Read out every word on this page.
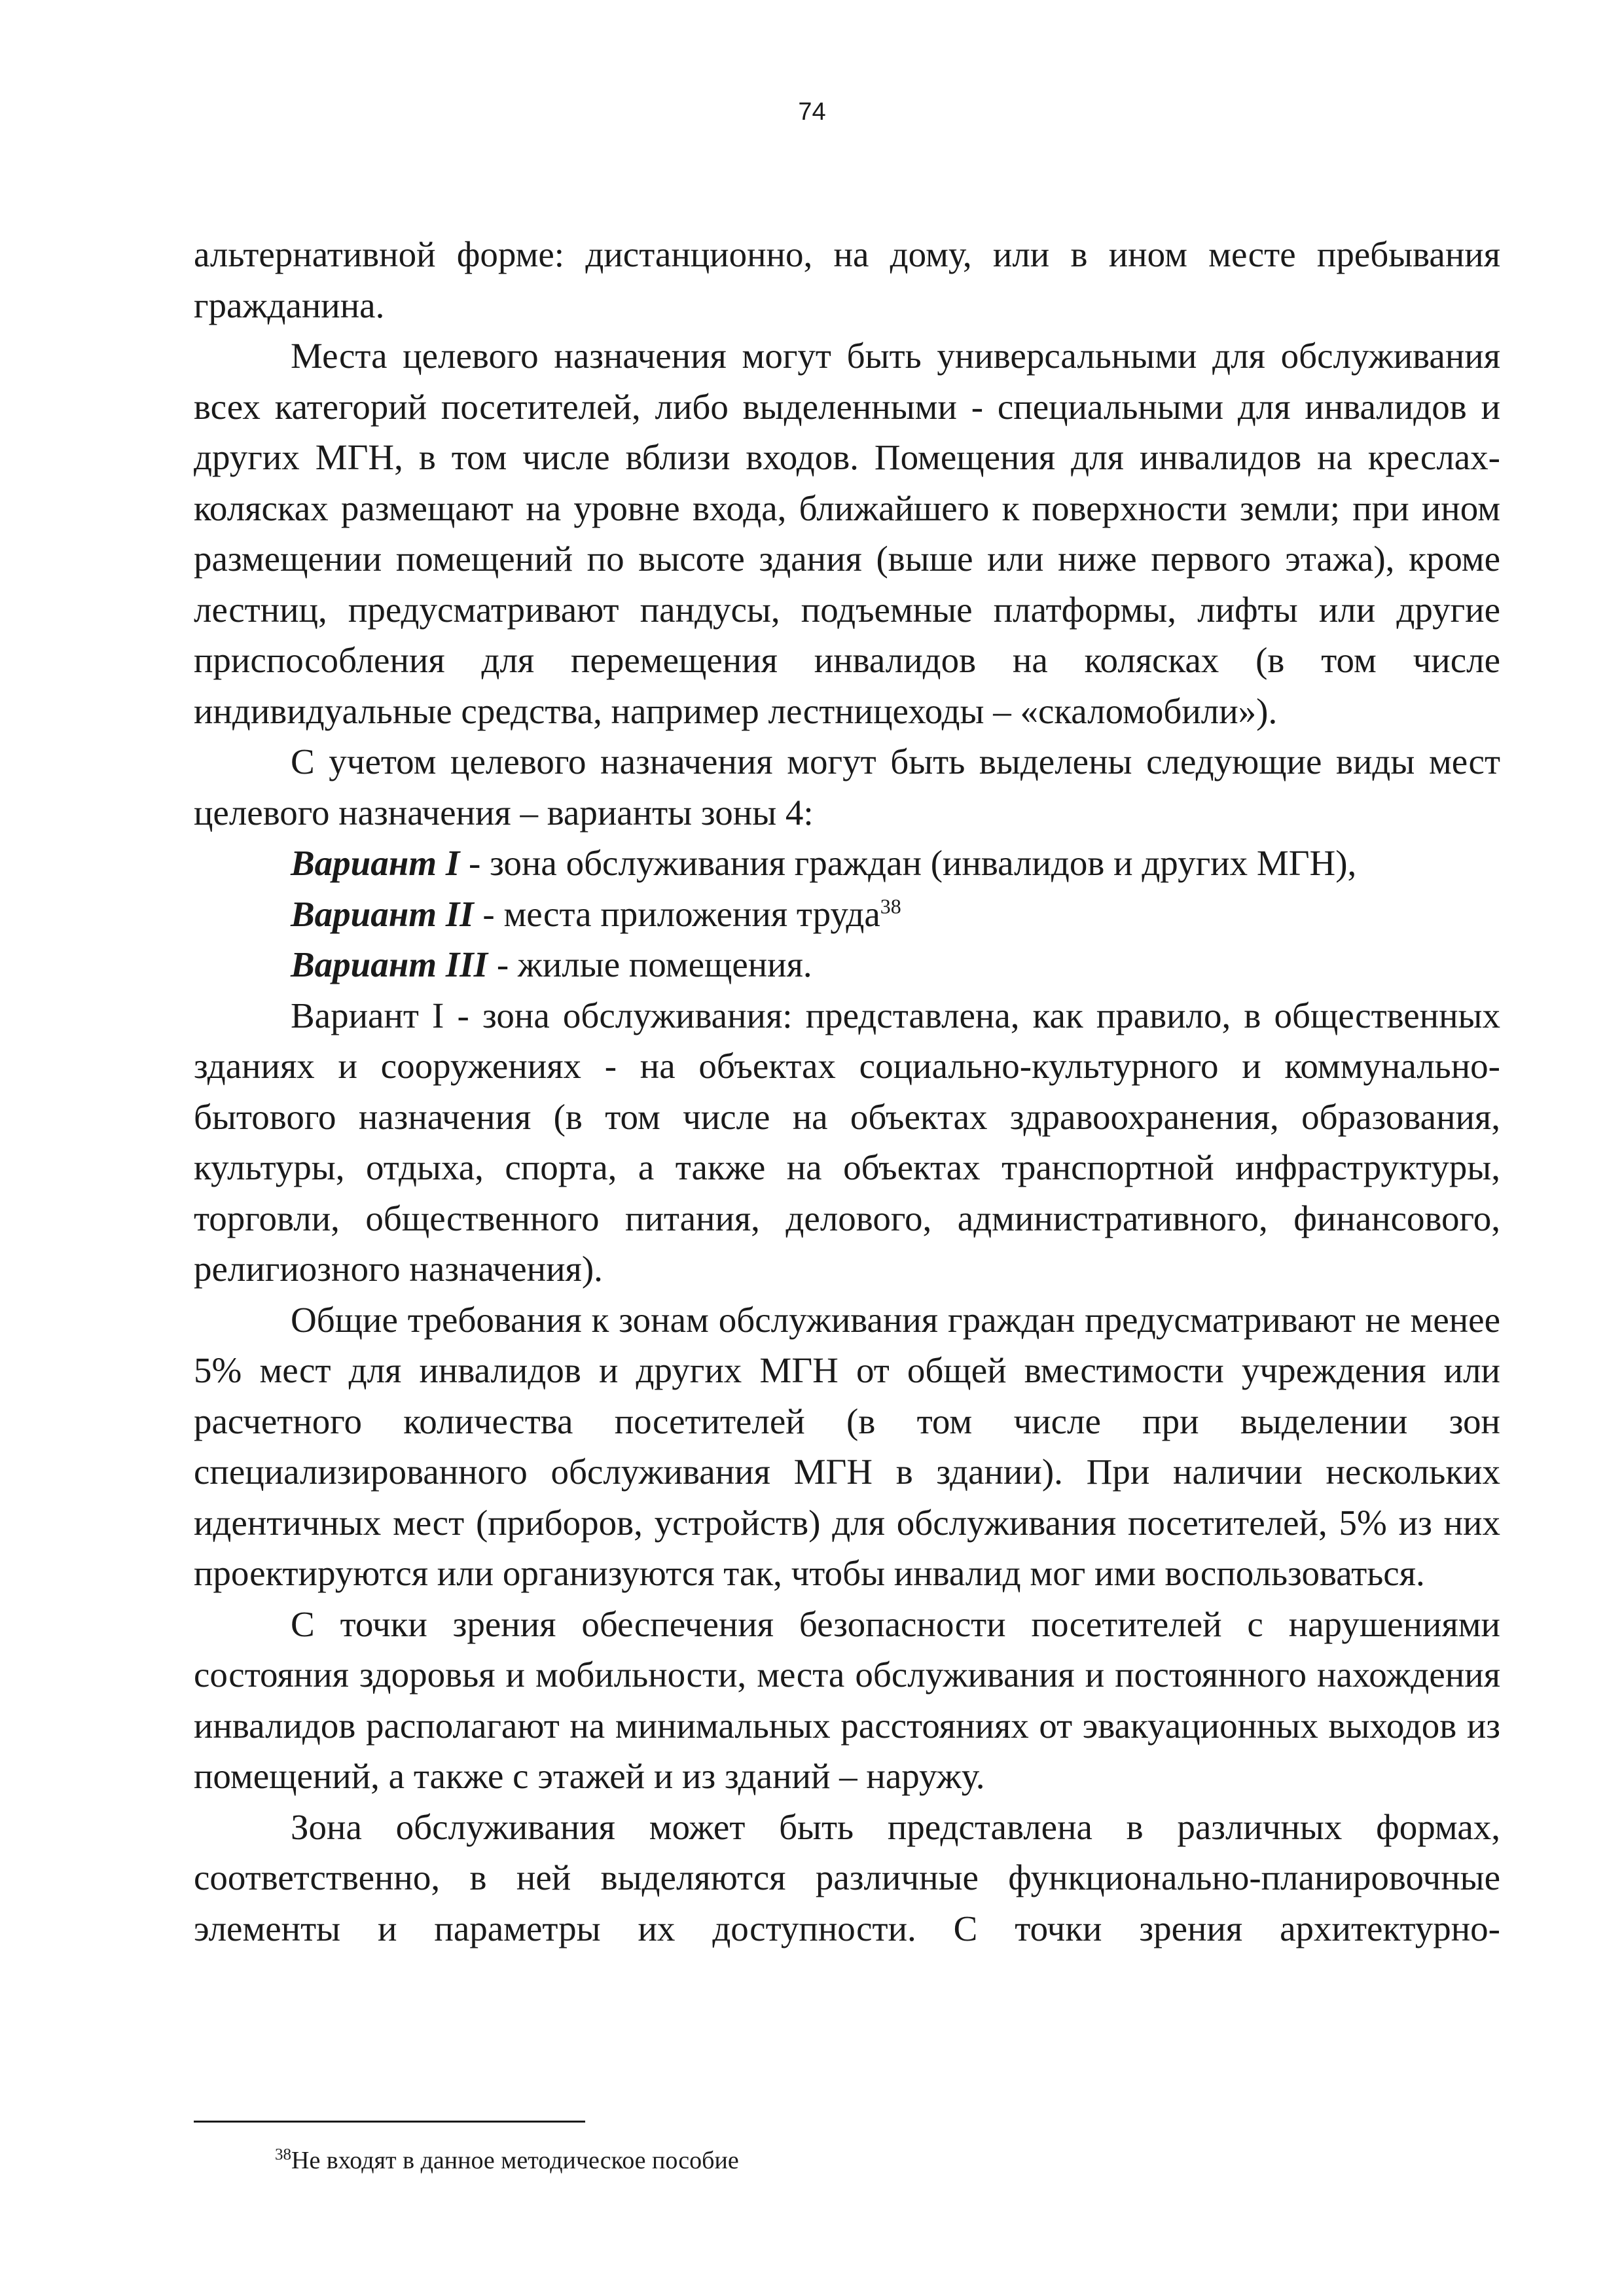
74

альтернативной форме: дистанционно, на дому, или в ином месте пребывания гражданина.

Места целевого назначения могут быть универсальными для обслуживания всех категорий посетителей, либо выделенными - специальными для инвалидов и других МГН, в том числе вблизи входов. Помещения для инвалидов на креслах-колясках размещают на уровне входа, ближайшего к поверхности земли; при ином размещении помещений по высоте здания (выше или ниже первого этажа), кроме лестниц, предусматривают пандусы, подъемные платформы, лифты или другие приспособления для перемещения инвалидов на колясках (в том числе индивидуальные средства, например лестницеходы – «скаломобили»).

С учетом целевого назначения могут быть выделены следующие виды мест целевого назначения – варианты зоны 4:

Вариант I - зона обслуживания граждан (инвалидов и других МГН),

Вариант II - места приложения труда$^{38}$

Вариант III - жилые помещения.

Вариант I - зона обслуживания: представлена, как правило, в общественных зданиях и сооружениях - на объектах социально-культурного и коммунально-бытового назначения (в том числе на объектах здравоохранения, образования, культуры, отдыха, спорта, а также на объектах транспортной инфраструктуры, торговли, общественного питания, делового, административного, финансового, религиозного назначения).

Общие требования к зонам обслуживания граждан предусматривают не менее 5% мест для инвалидов и других МГН от общей вместимости учреждения или расчетного количества посетителей (в том числе при выделении зон специализированного обслуживания МГН в здании). При наличии нескольких идентичных мест (приборов, устройств) для обслуживания посетителей, 5% из них проектируются или организуются так, чтобы инвалид мог ими воспользоваться.

С точки зрения обеспечения безопасности посетителей с нарушениями состояния здоровья и мобильности, места обслуживания и постоянного нахождения инвалидов располагают на минимальных расстояниях от эвакуационных выходов из помещений, а также с этажей и из зданий – наружу.

Зона обслуживания может быть представлена в различных формах, соответственно, в ней выделяются различные функционально-планировочные элементы и параметры их доступности. С точки зрения архитектурно-

$^{38}$Не входят в данное методическое пособие
